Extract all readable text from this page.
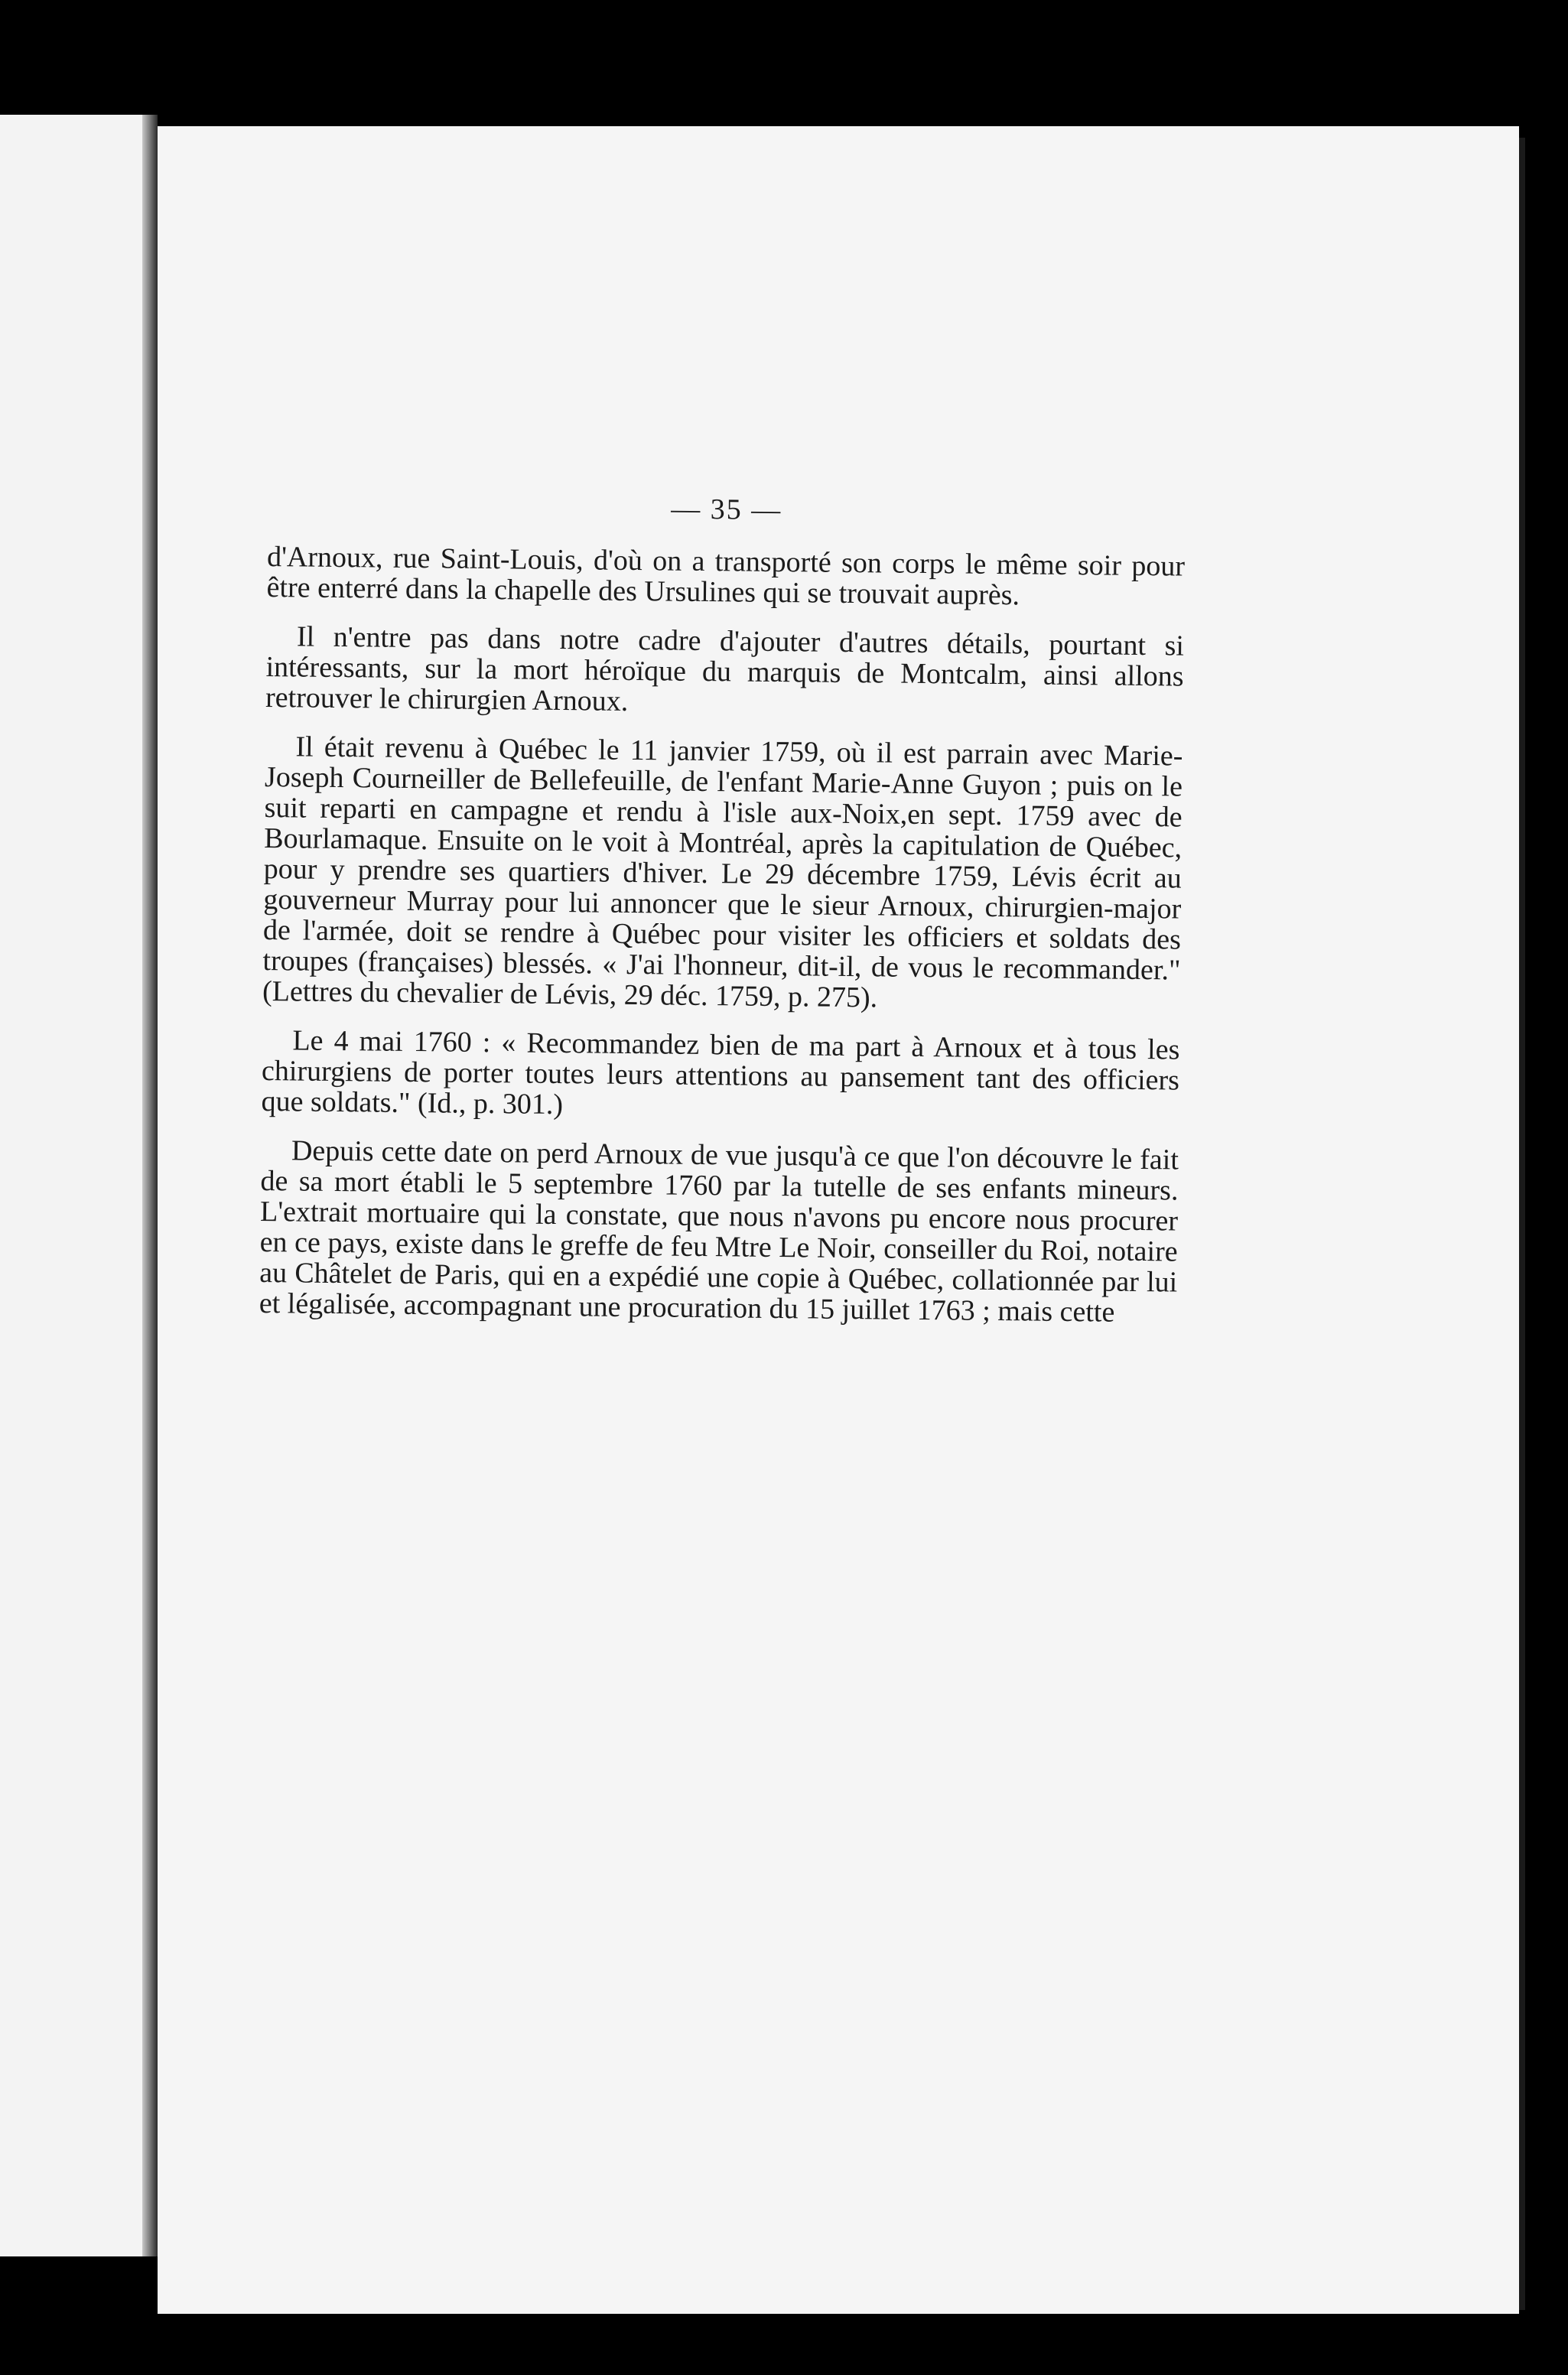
— 35 —

d'Arnoux, rue Saint-Louis, d'où on a transporté son corps le même soir pour être enterré dans la chapelle des Ursulines qui se trouvait auprès.

Il n'entre pas dans notre cadre d'ajouter d'autres détails, pourtant si intéressants, sur la mort héroïque du marquis de Montcalm, ainsi allons retrouver le chirurgien Arnoux.

Il était revenu à Québec le 11 janvier 1759, où il est parrain avec Marie-Joseph Courneiller de Bellefeuille, de l'enfant Marie-Anne Guyon ; puis on le suit reparti en campagne et rendu à l'isle aux-Noix,en sept. 1759 avec de Bourlamaque. Ensuite on le voit à Montréal, après la capitulation de Québec, pour y prendre ses quartiers d'hiver. Le 29 décembre 1759, Lévis écrit au gouverneur Murray pour lui annoncer que le sieur Arnoux, chirurgien-major de l'armée, doit se rendre à Québec pour visiter les officiers et soldats des troupes (françaises) blessés. « J'ai l'honneur, dit-il, de vous le recommander." (Lettres du chevalier de Lévis, 29 déc. 1759, p. 275).

Le 4 mai 1760 : « Recommandez bien de ma part à Arnoux et à tous les chirurgiens de porter toutes leurs attentions au pansement tant des officiers que soldats." (Id., p. 301.)

Depuis cette date on perd Arnoux de vue jusqu'à ce que l'on découvre le fait de sa mort établi le 5 septembre 1760 par la tutelle de ses enfants mineurs. L'extrait mortuaire qui la constate, que nous n'avons pu encore nous procurer en ce pays, existe dans le greffe de feu Mtre Le Noir, conseiller du Roi, notaire au Châtelet de Paris, qui en a expédié une copie à Québec, collationnée par lui et légalisée, accompagnant une procuration du 15 juillet 1763 ; mais cette
